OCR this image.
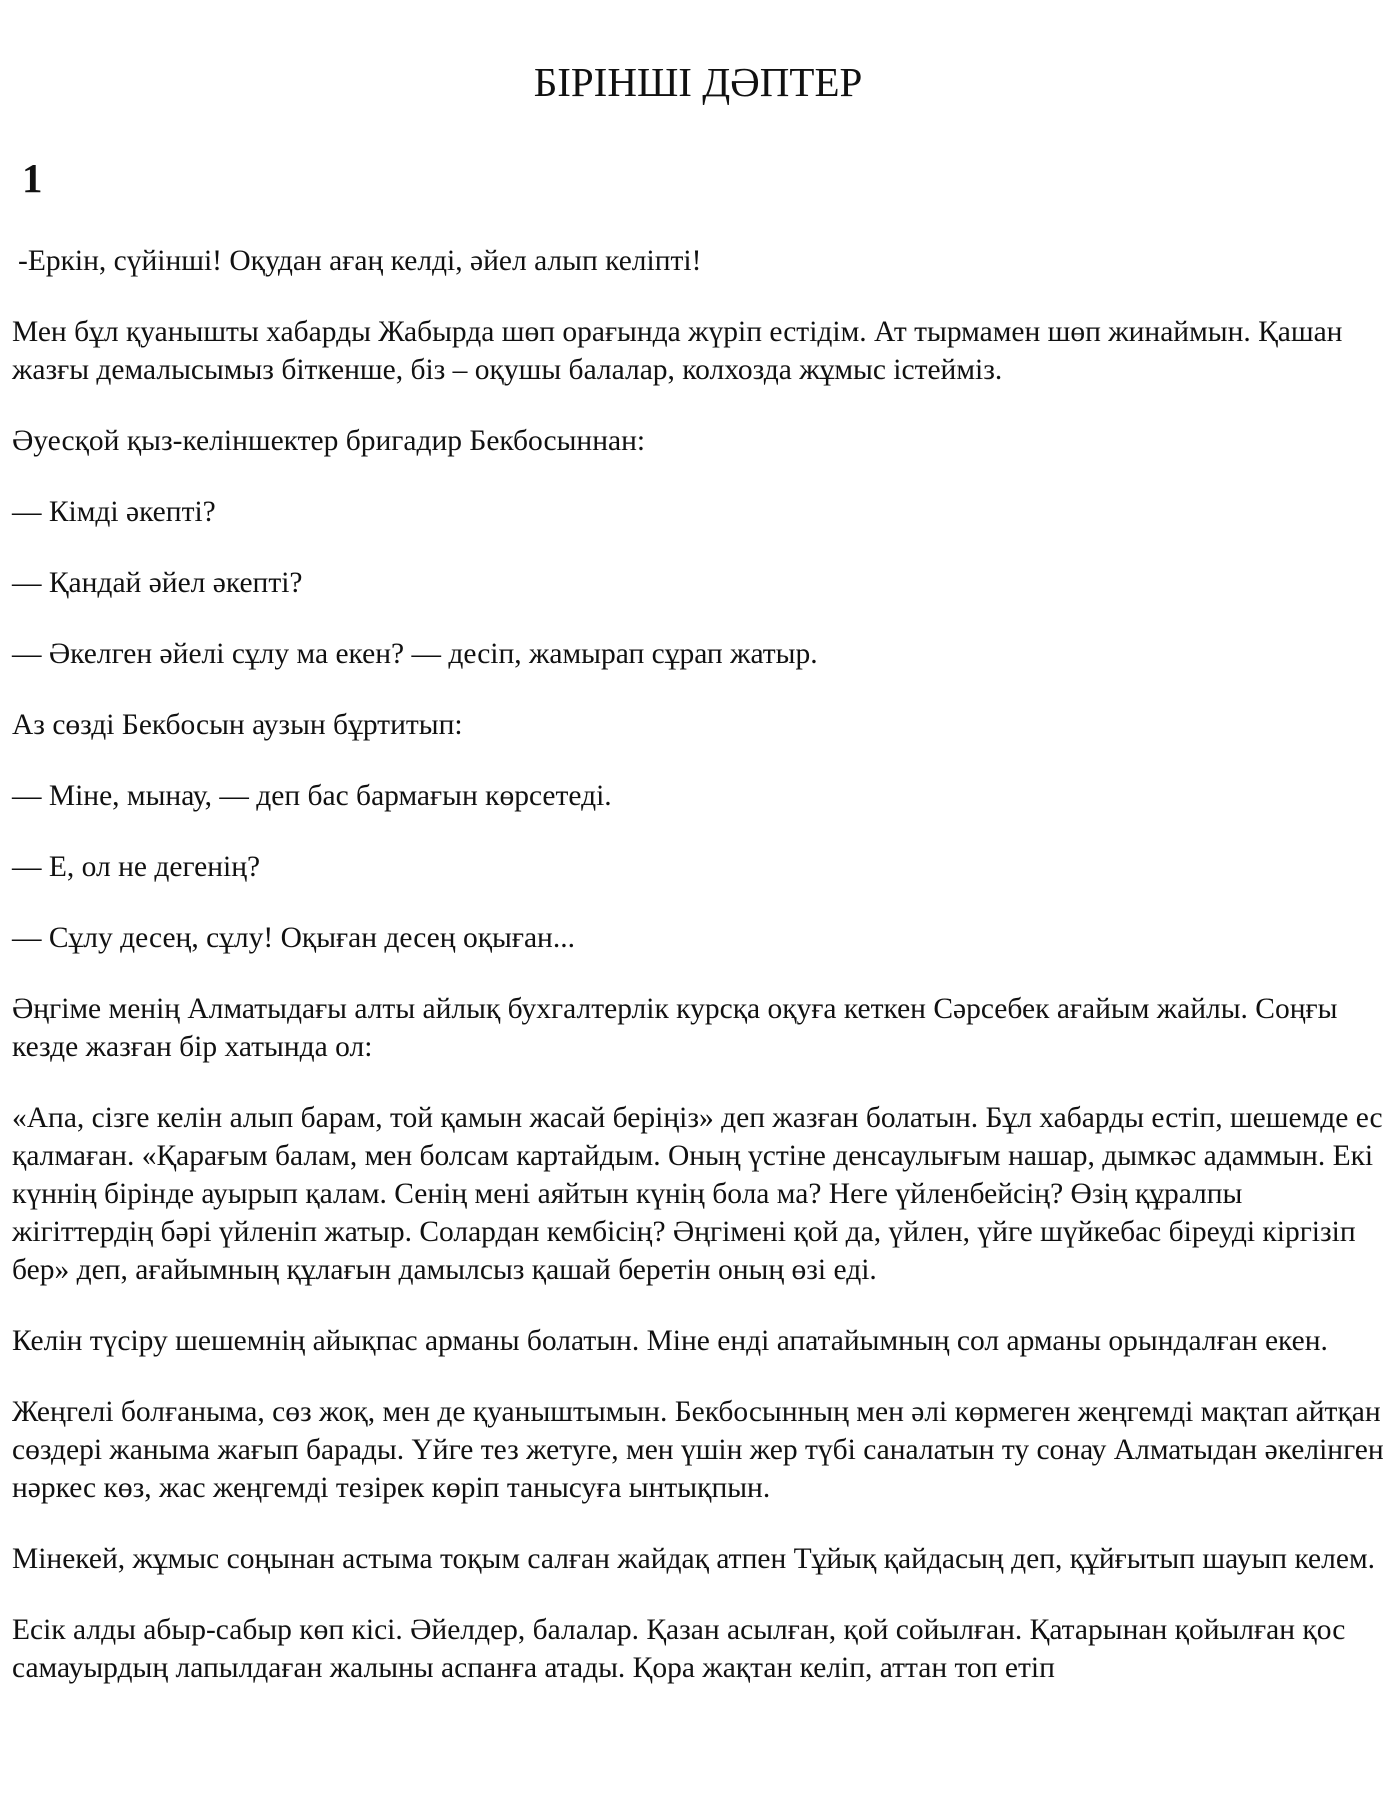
БІРІНШІ ДӘПТЕР
1

-Еркін, сүйінші! Оқудан ағаң келді, әйел алып келіпті!

Мен бұл қуанышты хабарды Жабырда шөп орағында жүріп естідім. Ат тырмамен шөп жинаймын. Қашан жазғы демалысымыз біткенше, біз – оқушы балалар, колхозда жұмыс істейміз.

Әуесқой қыз-келіншектер бригадир Бекбосыннан:

— Кімді әкепті?

— Қандай әйел әкепті?

— Әкелген әйелі сұлу ма екен? — десіп, жамырап сұрап жатыр.

Аз сөзді Бекбосын аузын бұртитып:

— Міне, мынау, — деп бас бармағын көрсетеді.

— Е, ол не дегенің?

— Сұлу десең, сұлу! Оқыған десең оқыған...

Әңгіме менің Алматыдағы алты айлық бухгалтерлік курсқа оқуға кеткен Сәрсебек ағайым жайлы. Соңғы кезде жазған бір хатында ол:

«Апа, сізге келін алып барам, той қамын жасай беріңіз» деп жазған болатын. Бұл хабарды естіп, шешемде ес қалмаған. «Қарағым балам, мен болсам картайдым. Оның үстіне денсаулығым нашар, дымкәс адаммын. Екі күннің бірінде ауырып қалам. Сенің мені аяйтын күнің бола ма? Неге үйленбейсің? Өзің құралпы жігіттердің бәрі үйленіп жатыр. Солардан кембісің? Әңгімені қой да, үйлен, үйге шүйкебас біреуді кіргізіп бер» деп, ағайымның құлағын дамылсыз қашай беретін оның өзі еді.

Келін түсіру шешемнің айықпас арманы болатын. Міне енді апатайымның сол арманы орындалған екен.

Жеңгелі болғаныма, сөз жоқ, мен де қуаныштымын. Бекбосынның мен әлі көрмеген жеңгемді мақтап айтқан сөздері жаныма жағып барады. Үйге тез жетуге, мен үшін жер түбі саналатын ту сонау Алматыдан әкелінген нәркес көз, жас жеңгемді тезірек көріп танысуға ынтықпын.

Мінекей, жұмыс соңынан астыма тоқым салған жайдақ атпен Тұйық қайдасың деп, құйғытып шауып келем.

Есік алды абыр-сабыр көп кісі. Әйелдер, балалар. Қазан асылған, қой сойылған. Қатарынан қойылған қос самауырдың лапылдаған жалыны аспанға атады. Қора жақтан келіп, аттан топ етіп
